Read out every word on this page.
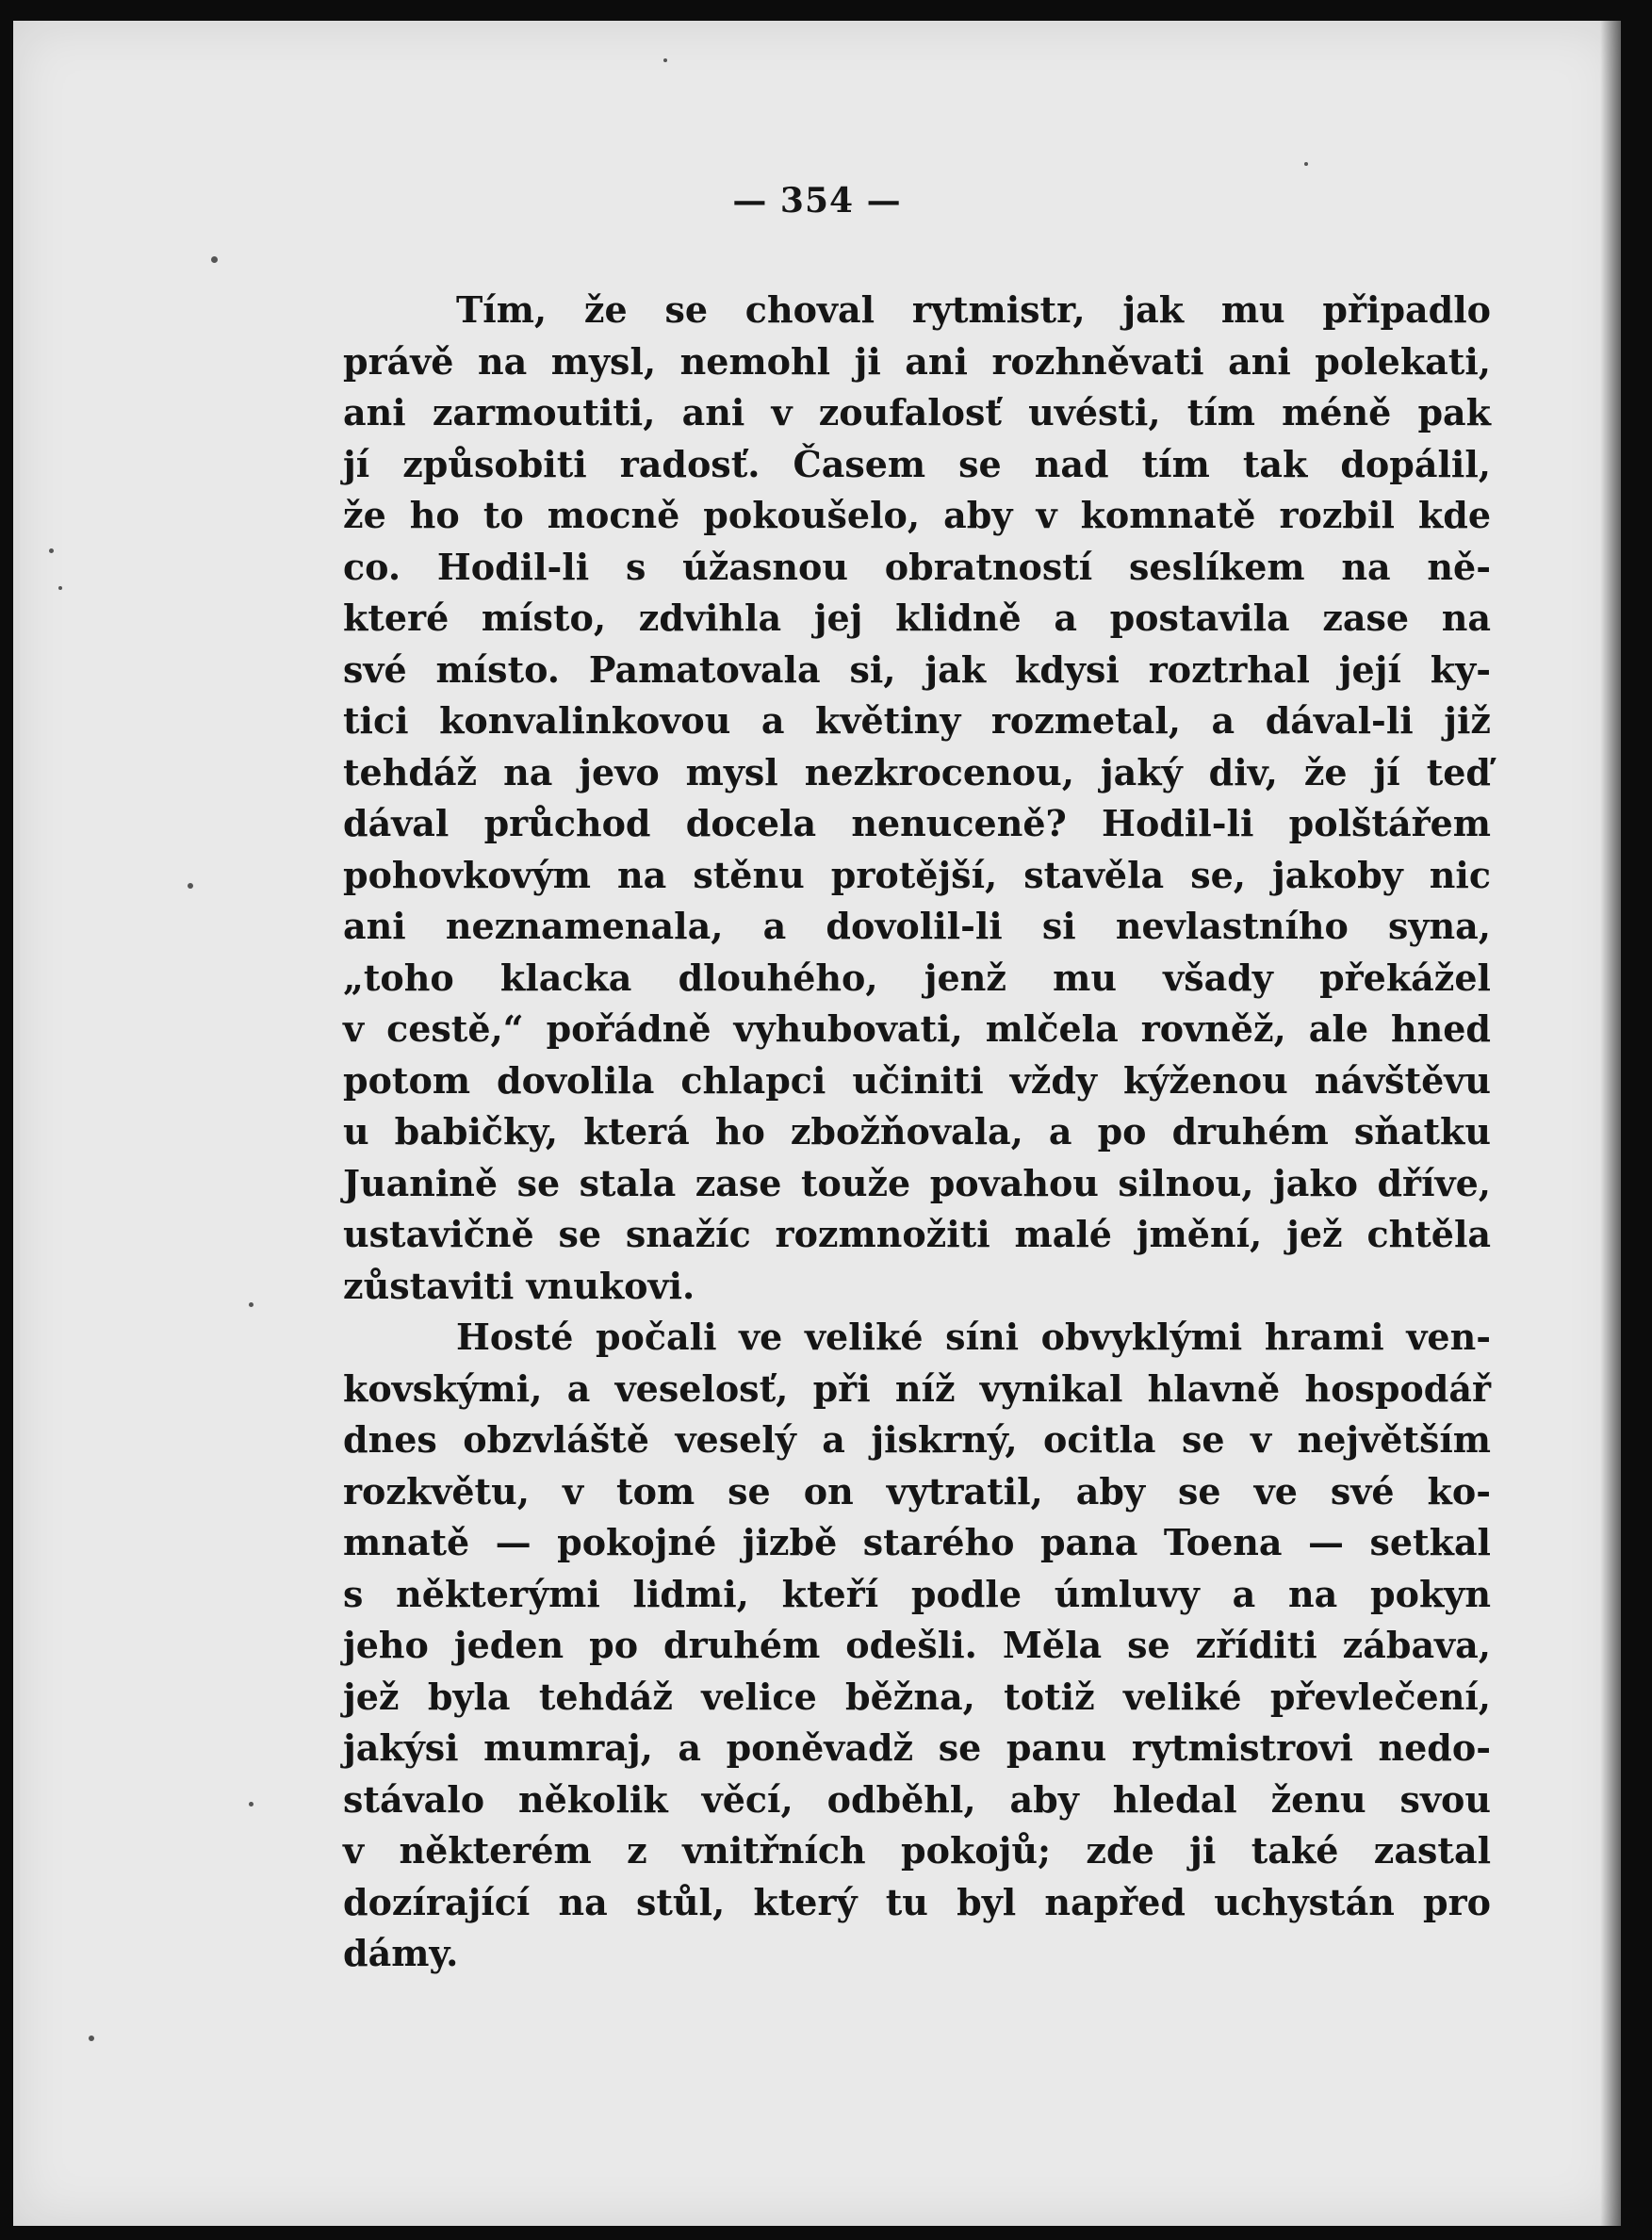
— 354 —
Tím, že se choval rytmistr, jak mu připadlo
právě na mysl, nemohl ji ani rozhněvati ani polekati,
ani zarmoutiti, ani v zoufalosť uvésti, tím méně pak
jí způsobiti radosť. Časem se nad tím tak dopálil,
že ho to mocně pokoušelo, aby v komnatě rozbil kde
co. Hodil-li s úžasnou obratností seslíkem na ně-
které místo, zdvihla jej klidně a postavila zase na
své místo. Pamatovala si, jak kdysi roztrhal její ky-
tici konvalinkovou a květiny rozmetal, a dával-li již
tehdáž na jevo mysl nezkrocenou, jaký div, že jí teď
dával průchod docela nenuceně? Hodil-li polštářem
pohovkovým na stěnu protější, stavěla se, jakoby nic
ani neznamenala, a dovolil-li si nevlastního syna,
„toho klacka dlouhého, jenž mu všady překážel
v cestě,“ pořádně vyhubovati, mlčela rovněž, ale hned
potom dovolila chlapci učiniti vždy kýženou návštěvu
u babičky, která ho zbožňovala, a po druhém sňatku
Juanině se stala zase touže povahou silnou, jako dříve,
ustavičně se snažíc rozmnožiti malé jmění, jež chtěla
zůstaviti vnukovi.
Hosté počali ve veliké síni obvyklými hrami ven-
kovskými, a veselosť, při níž vynikal hlavně hospodář
dnes obzvláště veselý a jiskrný, ocitla se v největším
rozkvětu, v tom se on vytratil, aby se ve své ko-
mnatě — pokojné jizbě starého pana Toena — setkal
s některými lidmi, kteří podle úmluvy a na pokyn
jeho jeden po druhém odešli. Měla se zříditi zábava,
jež byla tehdáž velice běžna, totiž veliké převlečení,
jakýsi mumraj, a poněvadž se panu rytmistrovi nedo-
stávalo několik věcí, odběhl, aby hledal ženu svou
v některém z vnitřních pokojů; zde ji také zastal
dozírající na stůl, který tu byl napřed uchystán pro
dámy.
